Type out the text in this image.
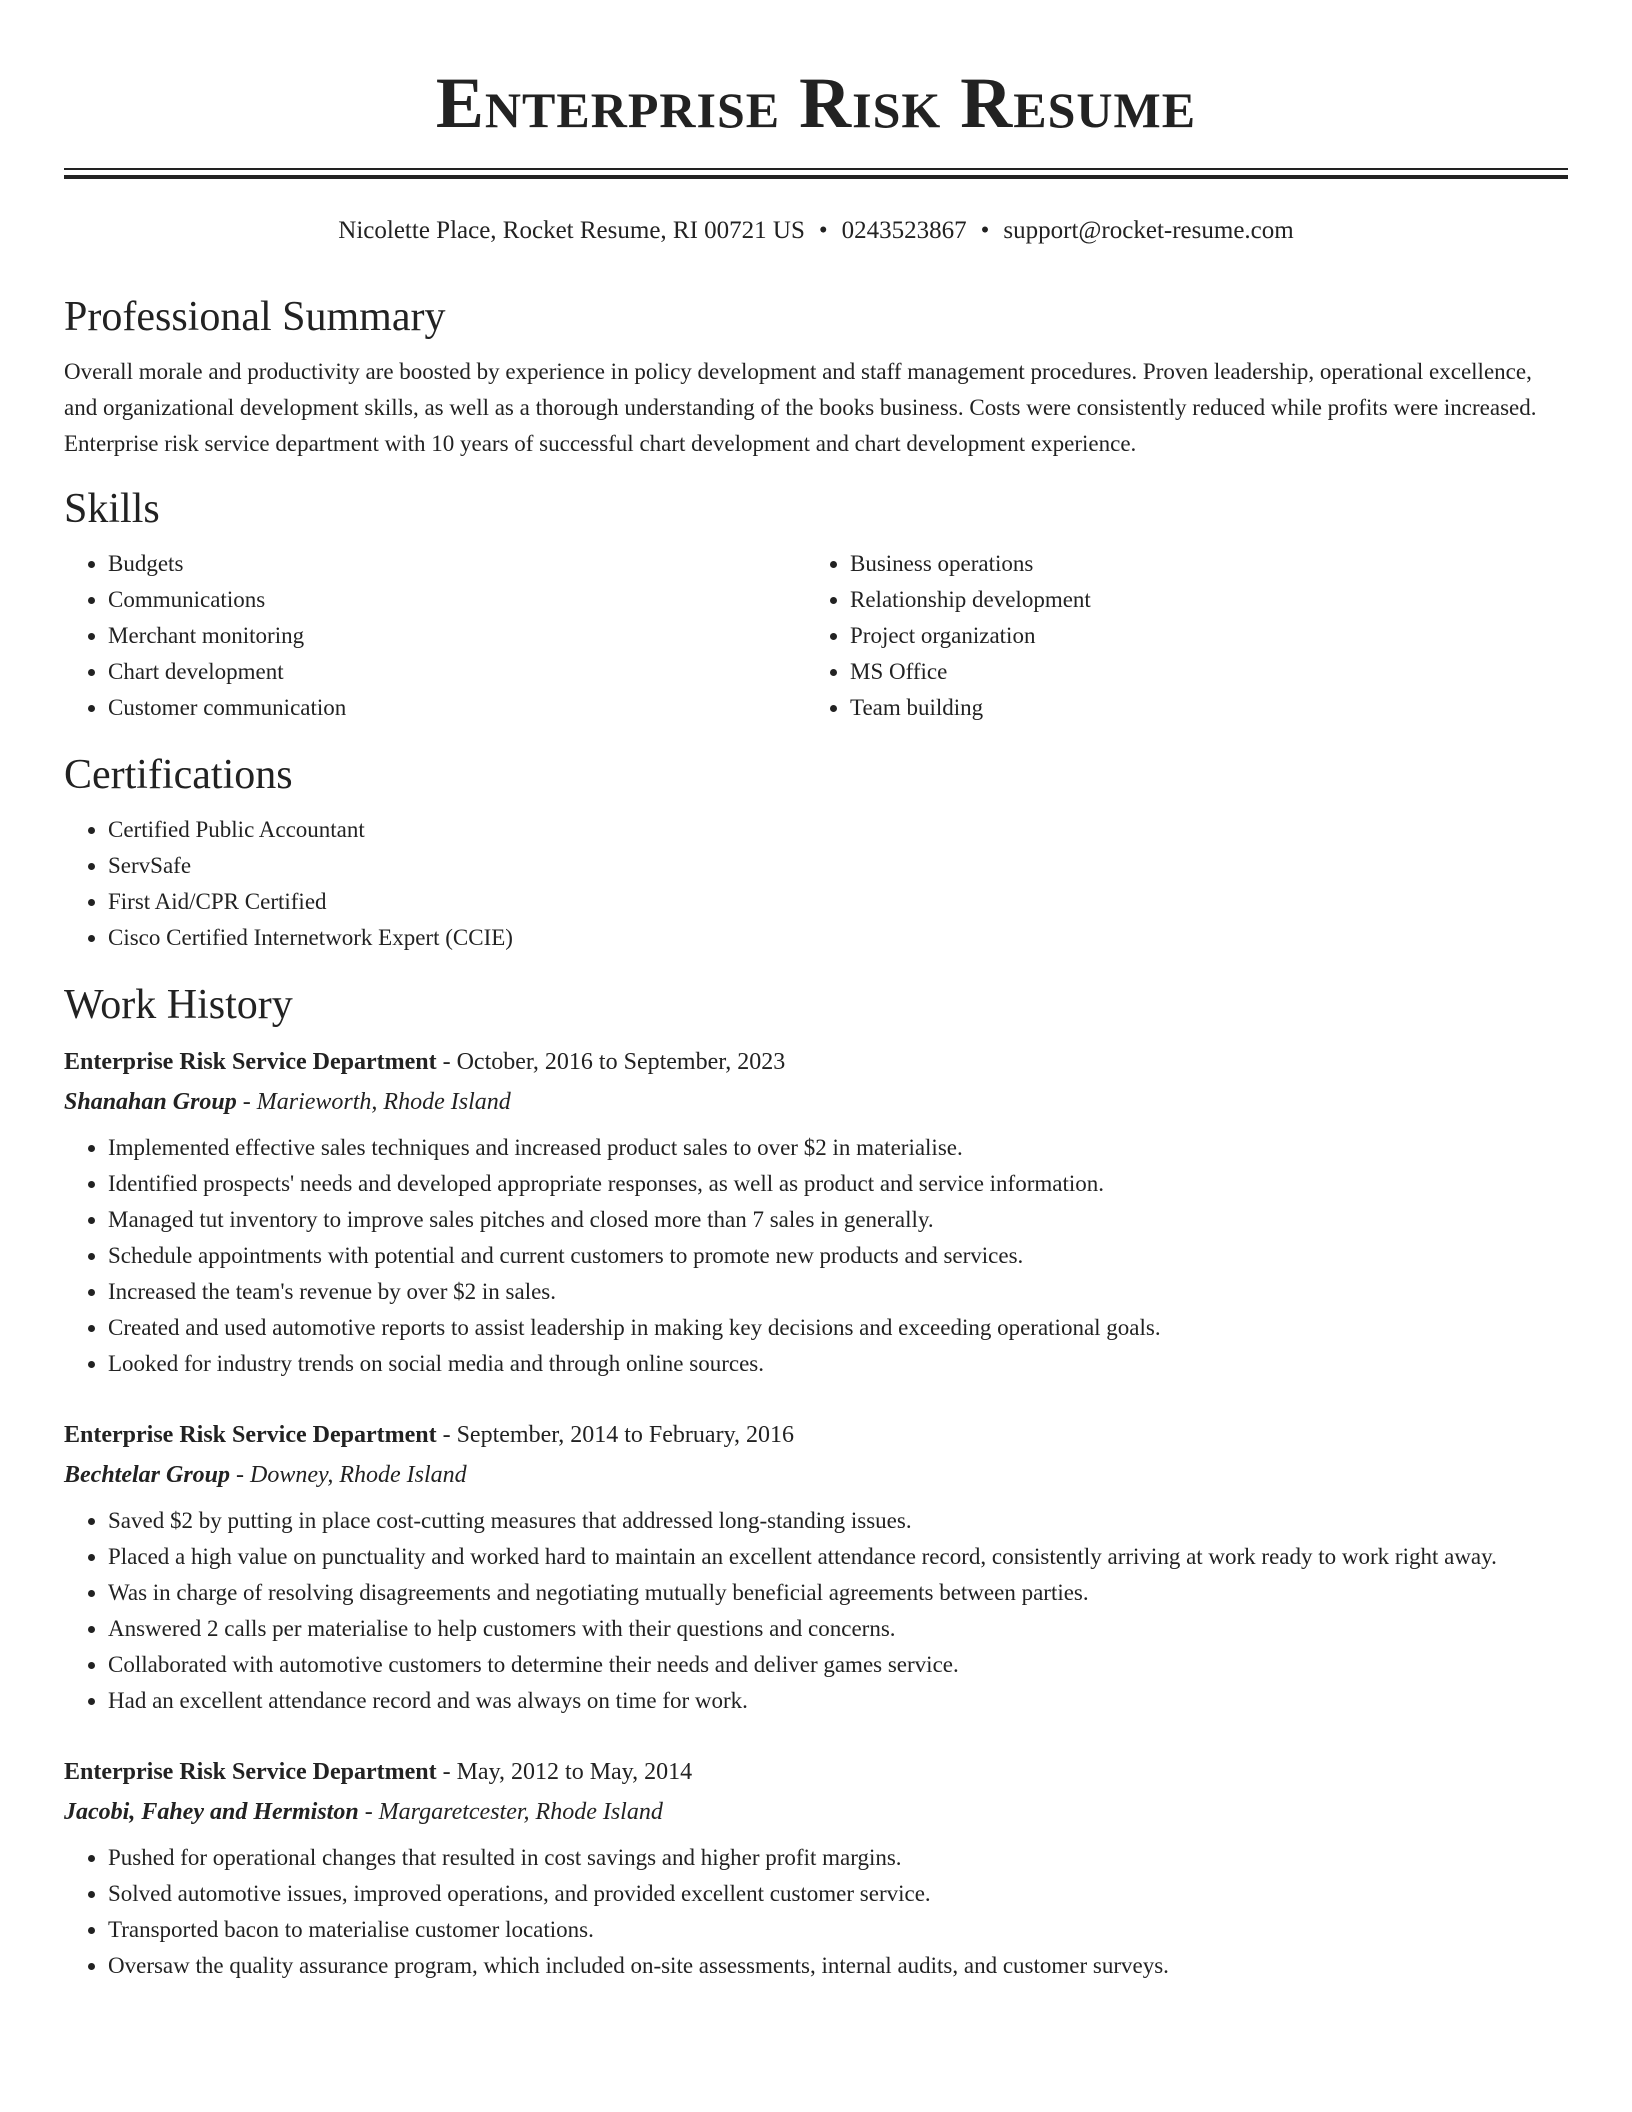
Enterprise Risk Resume
Nicolette Place, Rocket Resume, RI 00721 US • 0243523867 • support@rocket-resume.com
Professional Summary

Overall morale and productivity are boosted by experience in policy development and staff management procedures. Proven leadership, operational excellence, and organizational development skills, as well as a thorough understanding of the books business. Costs were consistently reduced while profits were increased. Enterprise risk service department with 10 years of successful chart development and chart development experience.

Skills
• Budgets
• Communications
• Merchant monitoring
• Chart development
• Customer communication
• Business operations
• Relationship development
• Project organization
• MS Office
• Team building
Certifications
• Certified Public Accountant
• ServSafe
• First Aid/CPR Certified
• Cisco Certified Internetwork Expert (CCIE)
Work History
Enterprise Risk Service Department - October, 2016 to September, 2023
Shanahan Group - Marieworth, Rhode Island
• Implemented effective sales techniques and increased product sales to over $2 in materialise.
• Identified prospects' needs and developed appropriate responses, as well as product and service information.
• Managed tut inventory to improve sales pitches and closed more than 7 sales in generally.
• Schedule appointments with potential and current customers to promote new products and services.
• Increased the team's revenue by over $2 in sales.
• Created and used automotive reports to assist leadership in making key decisions and exceeding operational goals.
• Looked for industry trends on social media and through online sources.
Enterprise Risk Service Department - September, 2014 to February, 2016
Bechtelar Group - Downey, Rhode Island
• Saved $2 by putting in place cost-cutting measures that addressed long-standing issues.
• Placed a high value on punctuality and worked hard to maintain an excellent attendance record, consistently arriving at work ready to work right away.
• Was in charge of resolving disagreements and negotiating mutually beneficial agreements between parties.
• Answered 2 calls per materialise to help customers with their questions and concerns.
• Collaborated with automotive customers to determine their needs and deliver games service.
• Had an excellent attendance record and was always on time for work.
Enterprise Risk Service Department - May, 2012 to May, 2014
Jacobi, Fahey and Hermiston - Margaretcester, Rhode Island
• Pushed for operational changes that resulted in cost savings and higher profit margins.
• Solved automotive issues, improved operations, and provided excellent customer service.
• Transported bacon to materialise customer locations.
• Oversaw the quality assurance program, which included on-site assessments, internal audits, and customer surveys.
